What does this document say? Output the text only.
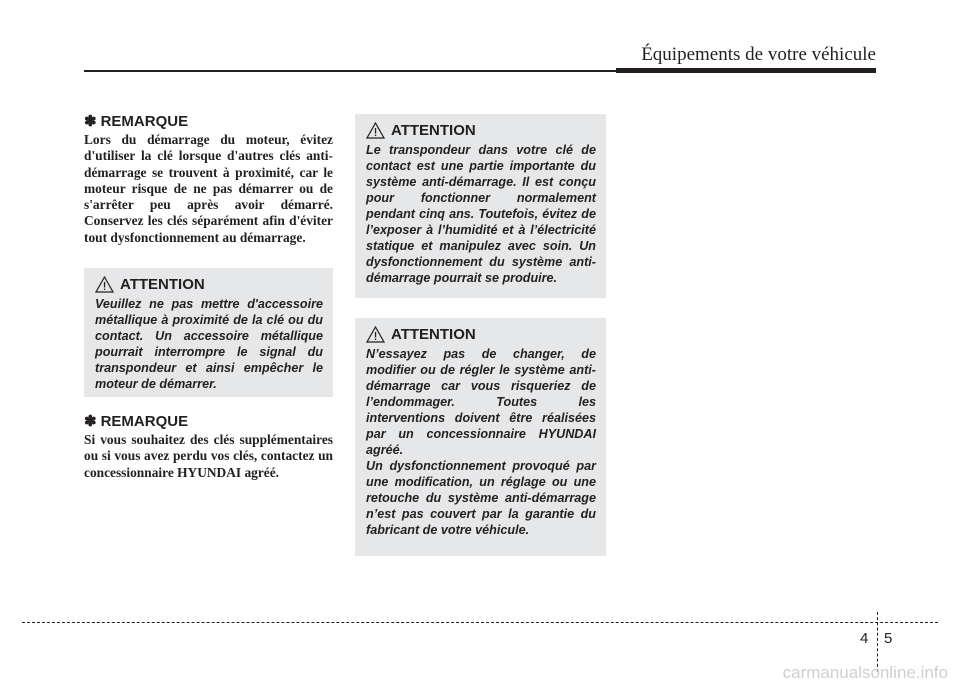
Équipements de votre véhicule
✽ REMARQUE

Lors du démarrage du moteur, évitez d'utiliser la clé lorsque d'autres clés anti-démarrage se trouvent à proximité, car le moteur risque de ne pas démarrer ou de s'arrêter peu après avoir démarré. Conservez les clés séparément afin d'éviter tout dysfonctionnement au démarrage.

ATTENTION

Veuillez ne pas mettre d'accessoire métallique à proximité de la clé ou du contact. Un accessoire métallique pourrait interrompre le signal du transpondeur et ainsi empêcher le moteur de démarrer.

✽ REMARQUE

Si vous souhaitez des clés supplémentaires ou si vous avez perdu vos clés, contactez un concessionnaire HYUNDAI agréé.

ATTENTION

Le transpondeur dans votre clé de contact est une partie importante du système anti-démarrage. Il est conçu pour fonctionner normalement pendant cinq ans. Toutefois, évitez de l’exposer à l’humidité et à l’électricité statique et manipulez avec soin. Un dysfonctionnement du système anti-démarrage pourrait se produire.

ATTENTION

N’essayez pas de changer, de modifier ou de régler le système anti-démarrage car vous risqueriez de l’endommager. Toutes les interventions doivent être réalisées par un concessionnaire HYUNDAI agréé.

Un dysfonctionnement provoqué par une modification, un réglage ou une retouche du système anti-démarrage n’est pas couvert par la garantie du fabricant de votre véhicule.

4 5
carmanualsonline.info
